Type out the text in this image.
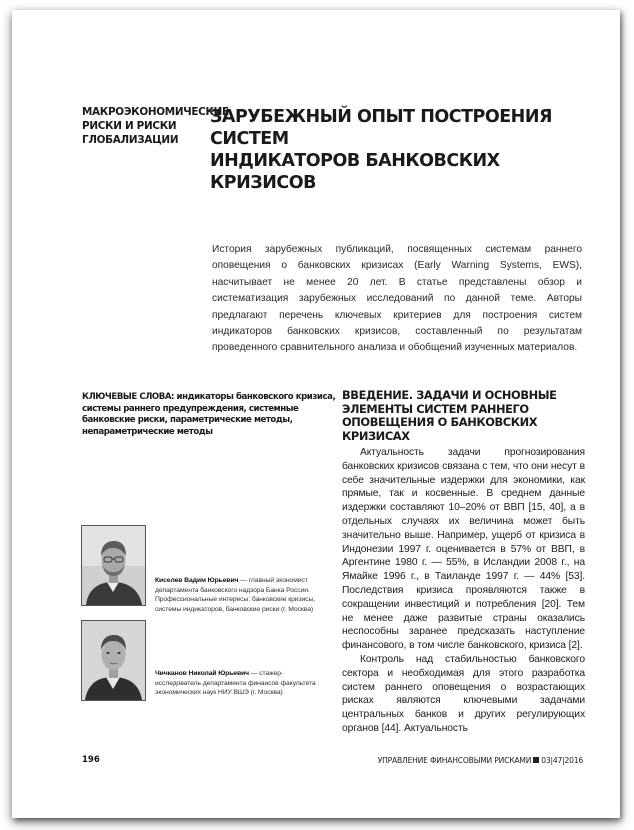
МАКРОЭКОНОМИЧЕСКИЕ
РИСКИ И РИСКИ
ГЛОБАЛИЗАЦИИ
ЗАРУБЕЖНЫЙ ОПЫТ ПОСТРОЕНИЯ СИСТЕМ
ИНДИКАТОРОВ БАНКОВСКИХ КРИЗИСОВ
История зарубежных публикаций, посвященных системам раннего оповещения о банковских кризисах (Early Warning Systems, EWS), насчитывает не менее 20 лет. В статье представлены обзор и систематизация зарубежных исследований по данной теме. Авторы предлагают перечень ключевых критериев для построения систем индикаторов банковских кризисов, составленный по результатам проведенного сравнительного анализа и обобщений изученных материалов.
КЛЮЧЕВЫЕ СЛОВА: индикаторы банковского кризиса, системы раннего предупреждения, системные банковские риски, параметрические методы, непараметрические методы
ВВЕДЕНИЕ. ЗАДАЧИ И ОСНОВНЫЕ
ЭЛЕМЕНТЫ СИСТЕМ РАННЕГО
ОПОВЕЩЕНИЯ О БАНКОВСКИХ КРИЗИСАХ

Актуальность задачи прогнозирования банковских кризисов связана с тем, что они несут в себе значительные издержки для экономики, как прямые, так и косвенные. В среднем данные издержки составляют 10–20% от ВВП [15, 40], а в отдельных случаях их величина может быть значительно выше. Например, ущерб от кризиса в Индонезии 1997 г. оценивается в 57% от ВВП, в Аргентине 1980 г. — 55%, в Исландии 2008 г., на Ямайке 1996 г., в Таиланде 1997 г. — 44% [53]. Последствия кризиса проявляются также в сокращении инвестиций и потребления [20]. Тем не менее даже развитые страны оказались неспособны заранее предсказать наступление финансового, в том числе банковского, кризиса [2].

Контроль над стабильностью банковского сектора и необходимая для этого разработка систем раннего оповещения о возрастающих рисках являются ключевыми задачами центральных банков и других регулирующих органов [44]. Актуальность

Киселев Вадим Юрьевич — главный экономист департамента банковского надзора Банка России. Профессиональные интересы: банковские кризисы, системы индикаторов, банковские риски (г. Москва)
Чичканов Николай Юрьевич — стажер-исследователь департамента финансов факультета экономических наук НИУ ВШЭ (г. Москва)
196	УПРАВЛЕНИЕ ФИНАНСОВЫМИ РИСКАМИ 03|47|2016
